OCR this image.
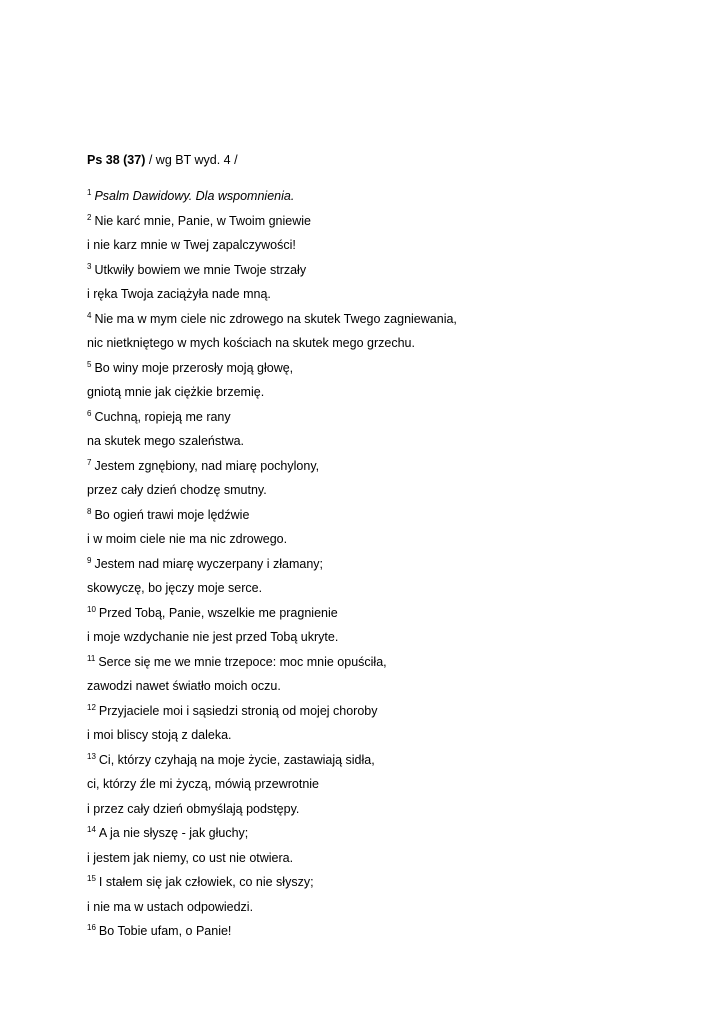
Ps 38 (37) / wg BT wyd. 4 /
$^1$ Psalm Dawidowy. Dla wspomnienia.
$^2$ Nie karć mnie, Panie, w Twoim gniewie
i nie karz mnie w Twej zapalczywości!
$^3$ Utkwiły bowiem we mnie Twoje strzały
i ręka Twoja zaciążyła nade mną.
$^4$ Nie ma w mym ciele nic zdrowego na skutek Twego zagniewania,
nic nietkniętego w mych kościach na skutek mego grzechu.
$^5$ Bo winy moje przerosły moją głowę,
gniotą mnie jak ciężkie brzemię.
$^6$ Cuchną, ropieją me rany
na skutek mego szaleństwa.
$^7$ Jestem zgnębiony, nad miarę pochylony,
przez cały dzień chodzę smutny.
$^8$ Bo ogień trawi moje lędźwie
i w moim ciele nie ma nic zdrowego.
$^9$ Jestem nad miarę wyczerpany i złamany;
skowyczę, bo jęczy moje serce.
$^{10}$ Przed Tobą, Panie, wszelkie me pragnienie
i moje wzdychanie nie jest przed Tobą ukryte.
$^{11}$ Serce się me we mnie trzepoce: moc mnie opuściła,
zawodzi nawet światło moich oczu.
$^{12}$ Przyjaciele moi i sąsiedzi stronią od mojej choroby
i moi bliscy stoją z daleka.
$^{13}$ Ci, którzy czyhają na moje życie, zastawiają sidła,
ci, którzy źle mi życzą, mówią przewrotnie
i przez cały dzień obmyślają podstępy.
$^{14}$ A ja nie słyszę - jak głuchy;
i jestem jak niemy, co ust nie otwiera.
$^{15}$ I stałem się jak człowiek, co nie słyszy;
i nie ma w ustach odpowiedzi.
$^{16}$ Bo Tobie ufam, o Panie!
